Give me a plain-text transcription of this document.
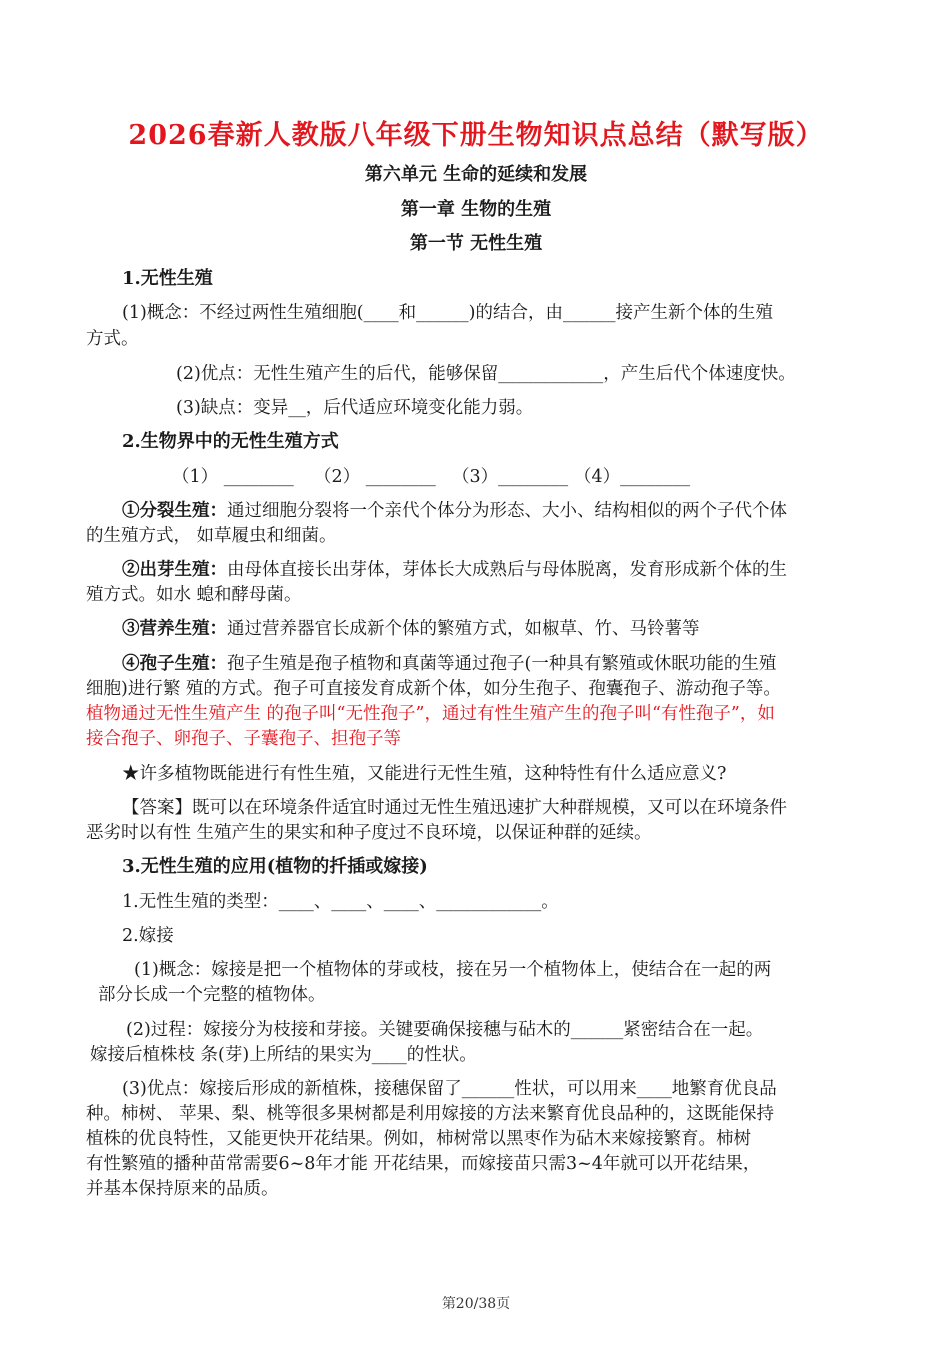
2026春新人教版八年级下册生物知识点总结（默写版）
第六单元 生命的延续和发展
第一章 生物的生殖
第一节 无性生殖
1.无性生殖
(1)概念：不经过两性生殖细胞(____和______)的结合，由______接产生新个体的生殖
方式。
(2)优点：无性生殖产生的后代，能够保留____________，产生后代个体速度快。
(3)缺点：变异__，后代适应环境变化能力弱。
2.生物界中的无性生殖方式
（1） ________ （2） ________ （3）________ （4）________
①分裂生殖：通过细胞分裂将一个亲代个体分为形态、大小、结构相似的两个子代个体
的生殖方式， 如草履虫和细菌。
②出芽生殖：由母体直接长出芽体，芽体长大成熟后与母体脱离，发育形成新个体的生
殖方式。如水 螅和酵母菌。
③营养生殖：通过营养器官长成新个体的繁殖方式，如椒草、竹、马铃薯等
④孢子生殖：孢子生殖是孢子植物和真菌等通过孢子(一种具有繁殖或休眠功能的生殖
细胞)进行繁 殖的方式。孢子可直接发育成新个体，如分生孢子、孢囊孢子、游动孢子等。
植物通过无性生殖产生 的孢子叫“无性孢子”，通过有性生殖产生的孢子叫“有性孢子”，如
接合孢子、卵孢子、子囊孢子、担孢子等
★许多植物既能进行有性生殖，又能进行无性生殖，这种特性有什么适应意义?
【答案】既可以在环境条件适宜时通过无性生殖迅速扩大种群规模，又可以在环境条件
恶劣时以有性 生殖产生的果实和种子度过不良环境，以保证种群的延续。
3.无性生殖的应用(植物的扦插或嫁接)
1.无性生殖的类型：____、____、____、____________。
2.嫁接
(1)概念：嫁接是把一个植物体的芽或枝，接在另一个植物体上，使结合在一起的两
部分长成一个完整的植物体。
(2)过程：嫁接分为枝接和芽接。关键要确保接穗与砧木的______紧密结合在一起。
嫁接后植株枝 条(芽)上所结的果实为____的性状。
(3)优点：嫁接后形成的新植株，接穗保留了______性状，可以用来____地繁育优良品
种。柿树、 苹果、梨、桃等很多果树都是利用嫁接的方法来繁育优良品种的，这既能保持
植株的优良特性，又能更快开花结果。例如，柿树常以黑枣作为砧木来嫁接繁育。柿树
有性繁殖的播种苗常需要6~8年才能 开花结果，而嫁接苗只需3~4年就可以开花结果，
并基本保持原来的品质。
第20/38页
